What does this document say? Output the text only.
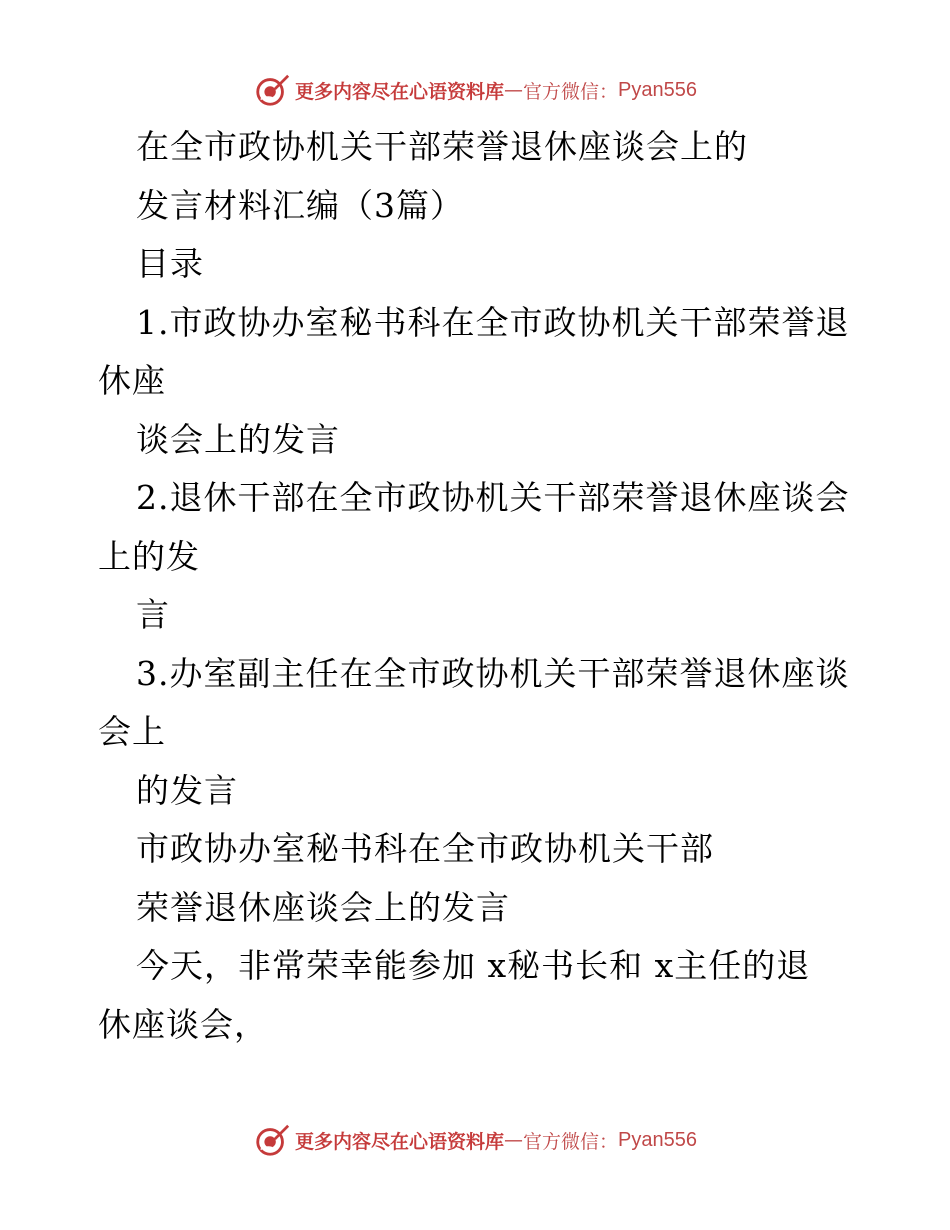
更多内容尽在心语资料库 — 官方微信： Pyan556
在全市政协机关干部荣誉退休座谈会上的
发言材料汇编（3篇）
目录
1.市政协办室秘书科在全市政协机关干部荣誉退
休座
谈会上的发言
2.退休干部在全市政协机关干部荣誉退休座谈会
上的发
言
3.办室副主任在全市政协机关干部荣誉退休座谈
会上
的发言
市政协办室秘书科在全市政协机关干部
荣誉退休座谈会上的发言
今天，非常荣幸能参加 x秘书长和 x主任的退
休座谈会，
更多内容尽在心语资料库 — 官方微信： Pyan556
